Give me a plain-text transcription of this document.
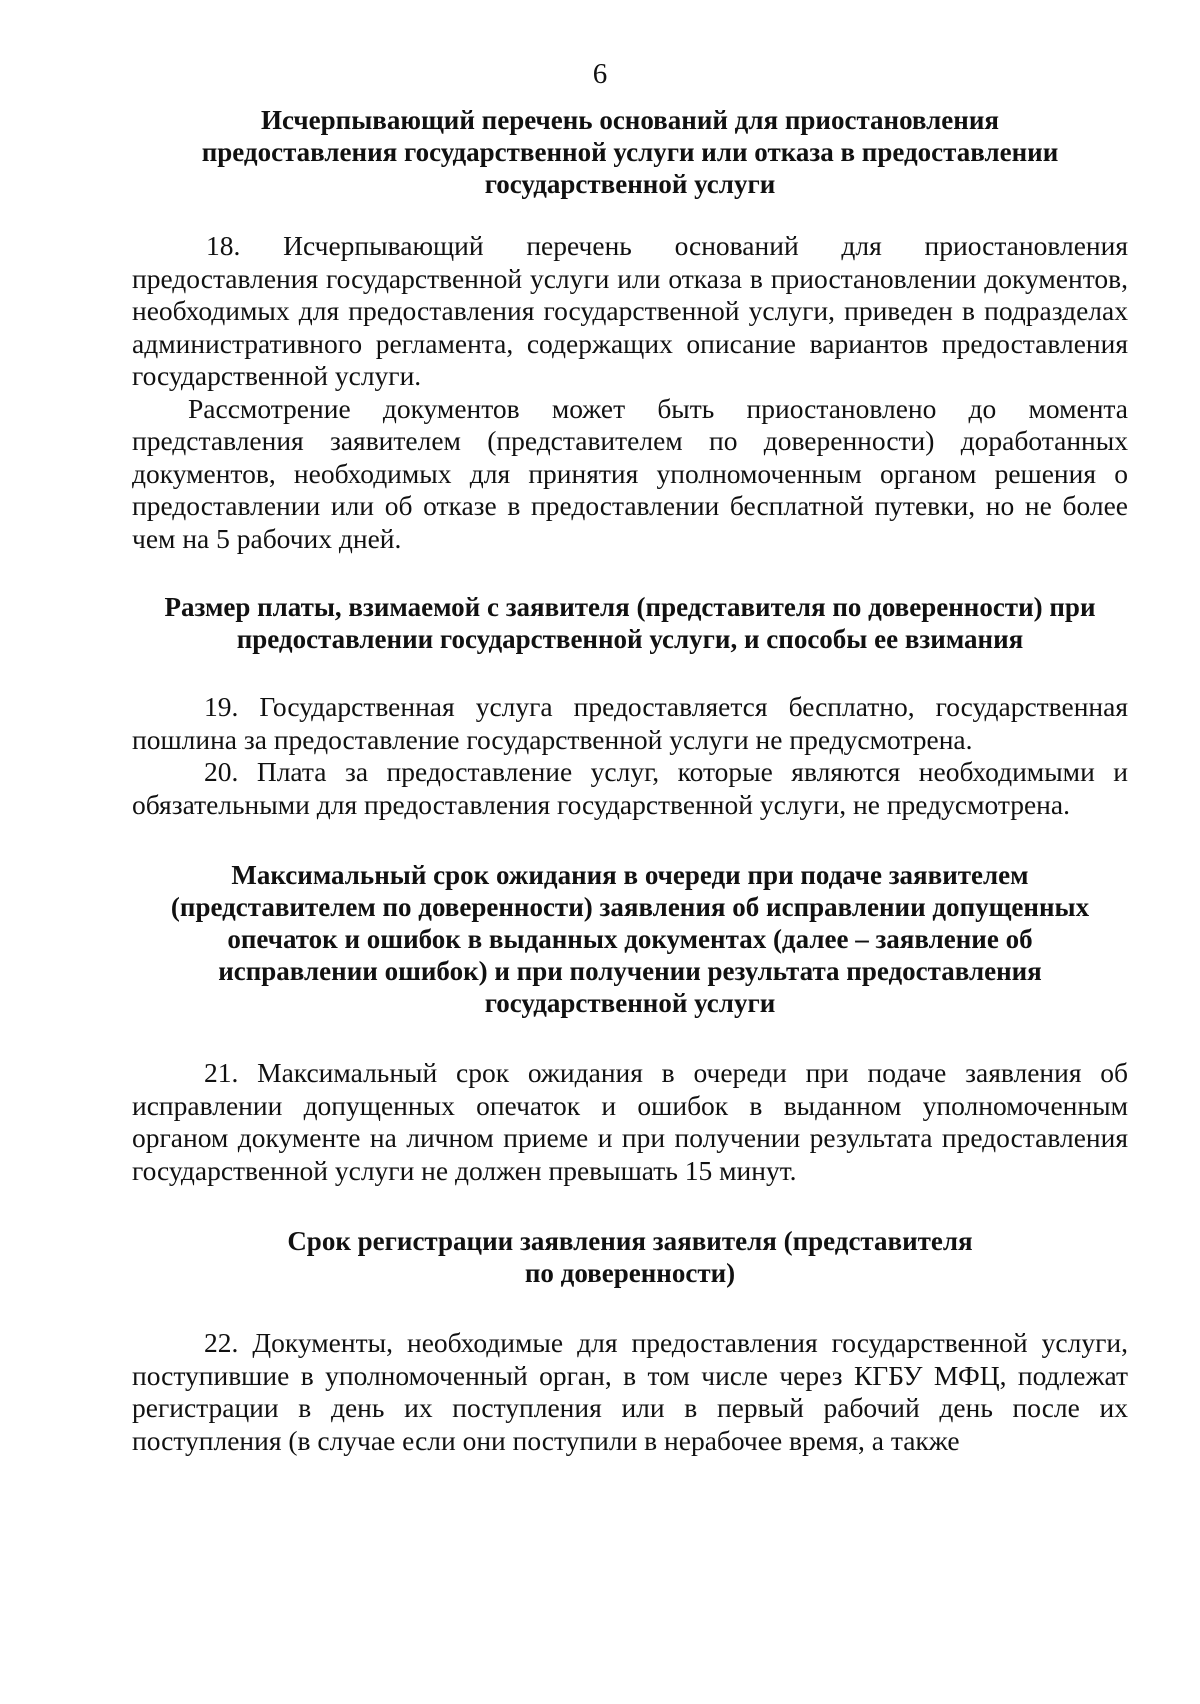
6
Исчерпывающий перечень оснований для приостановления
предоставления государственной услуги или отказа в предоставлении
государственной услуги

18. Исчерпывающий перечень оснований для приостановления предоставления государственной услуги или отказа в приостановлении документов, необходимых для предоставления государственной услуги, приведен в подразделах административного регламента, содержащих описание вариантов предоставления государственной услуги.

Рассмотрение документов может быть приостановлено до момента представления заявителем (представителем по доверенности) доработанных документов, необходимых для принятия уполномоченным органом решения о предоставлении или об отказе в предоставлении бесплатной путевки, но не более чем на 5 рабочих дней.

Размер платы, взимаемой с заявителя (представителя по доверенности) при
предоставлении государственной услуги, и способы ее взимания

19. Государственная услуга предоставляется бесплатно, государственная пошлина за предоставление государственной услуги не предусмотрена.

20. Плата за предоставление услуг, которые являются необходимыми и обязательными для предоставления государственной услуги, не предусмотрена.

Максимальный срок ожидания в очереди при подаче заявителем
(представителем по доверенности) заявления об исправлении допущенных
опечаток и ошибок в выданных документах (далее – заявление об
исправлении ошибок) и при получении результата предоставления
государственной услуги

21. Максимальный срок ожидания в очереди при подаче заявления об исправлении допущенных опечаток и ошибок в выданном уполномоченным органом документе на личном приеме и при получении результата предоставления государственной услуги не должен превышать 15 минут.

Срок регистрации заявления заявителя (представителя
по доверенности)

22. Документы, необходимые для предоставления государственной услуги, поступившие в уполномоченный орган, в том числе через КГБУ МФЦ, подлежат регистрации в день их поступления или в первый рабочий день после их поступления (в случае если они поступили в нерабочее время, а также
